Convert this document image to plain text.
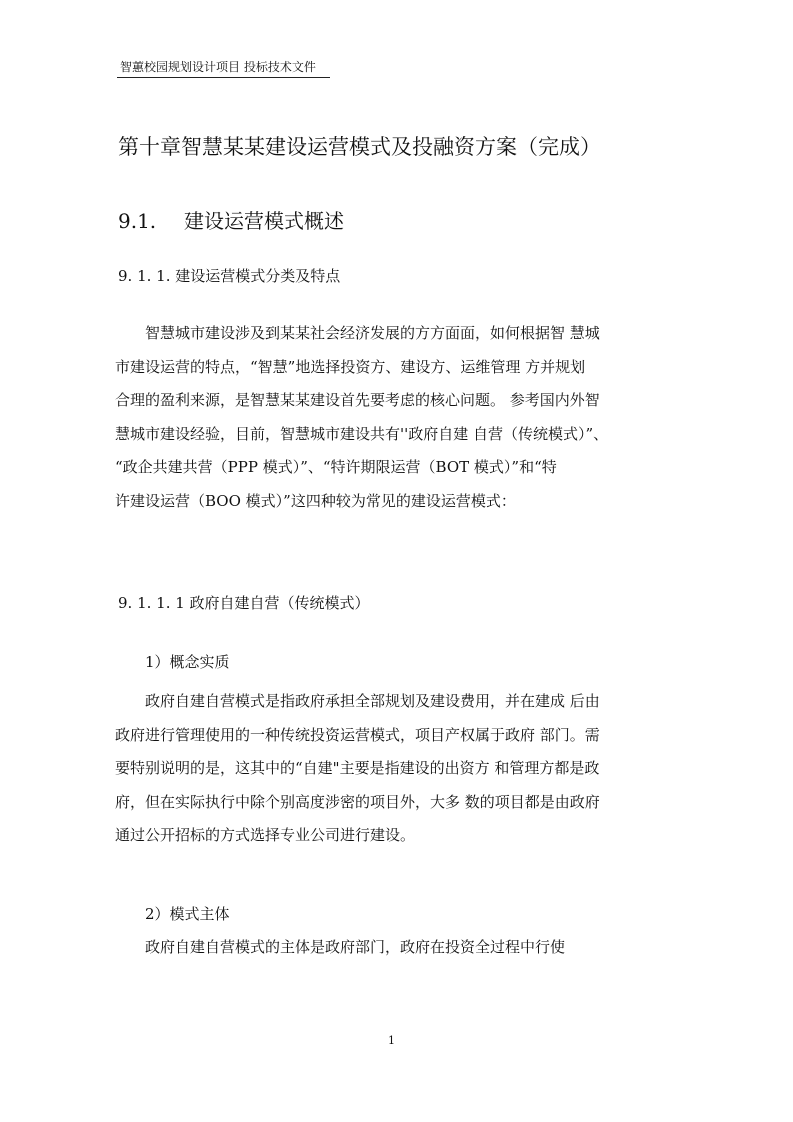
智蕙校园规划设计项目 投标技术文件
第十章智慧某某建设运营模式及投融资方案（完成）
9.1. 建设运营模式概述
9. 1. 1. 建设运营模式分类及特点
智慧城市建设涉及到某某社会经济发展的方方面面，如何根据智 慧城
市建设运营的特点，“智慧”地选择投资方、建设方、运维管理 方并规划
合理的盈利来源，是智慧某某建设首先要考虑的核心问题。 参考国内外智
慧城市建设经验，目前，智慧城市建设共有''政府自建 自营（传统模式）”、
“政企共建共营（PPP 模式）”、“特许期限运营（BOT 模式）”和“特
许建设运营（BOO 模式）”这四种较为常见的建设运营模式：
9. 1. 1. 1 政府自建自营（传统模式）
1）概念实质
政府自建自营模式是指政府承担全部规划及建设费用，并在建成 后由
政府进行管理使用的一种传统投资运营模式，项目产权属于政府 部门。需
要特别说明的是，这其中的“自建"主要是指建设的出资方 和管理方都是政
府，但在实际执行中除个别高度涉密的项目外，大多 数的项目都是由政府
通过公开招标的方式选择专业公司进行建设。
2）模式主体
政府自建自营模式的主体是政府部门，政府在投资全过程中行使
1
